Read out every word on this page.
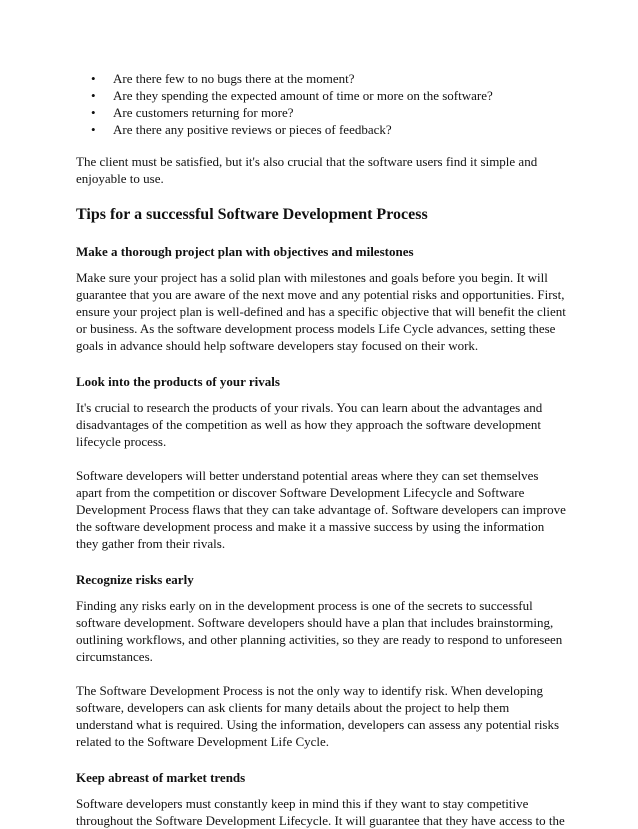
• Are there few to no bugs there at the moment?
• Are they spending the expected amount of time or more on the software?
• Are customers returning for more?
• Are there any positive reviews or pieces of feedback?

The client must be satisfied, but it's also crucial that the software users find it simple and enjoyable to use.

Tips for a successful Software Development Process
Make a thorough project plan with objectives and milestones

Make sure your project has a solid plan with milestones and goals before you begin. It will guarantee that you are aware of the next move and any potential risks and opportunities. First, ensure your project plan is well-defined and has a specific objective that will benefit the client or business. As the software development process models Life Cycle advances, setting these goals in advance should help software developers stay focused on their work.

Look into the products of your rivals

It's crucial to research the products of your rivals. You can learn about the advantages and disadvantages of the competition as well as how they approach the software development lifecycle process.

Software developers will better understand potential areas where they can set themselves apart from the competition or discover Software Development Lifecycle and Software Development Process flaws that they can take advantage of. Software developers can improve the software development process and make it a massive success by using the information they gather from their rivals.

Recognize risks early

Finding any risks early on in the development process is one of the secrets to successful software development. Software developers should have a plan that includes brainstorming, outlining workflows, and other planning activities, so they are ready to respond to unforeseen circumstances.

The Software Development Process is not the only way to identify risk. When developing software, developers can ask clients for many details about the project to help them understand what is required. Using the information, developers can assess any potential risks related to the Software Development Life Cycle.

Keep abreast of market trends

Software developers must constantly keep in mind this if they want to stay competitive throughout the Software Development Lifecycle. It will guarantee that they have access to the
